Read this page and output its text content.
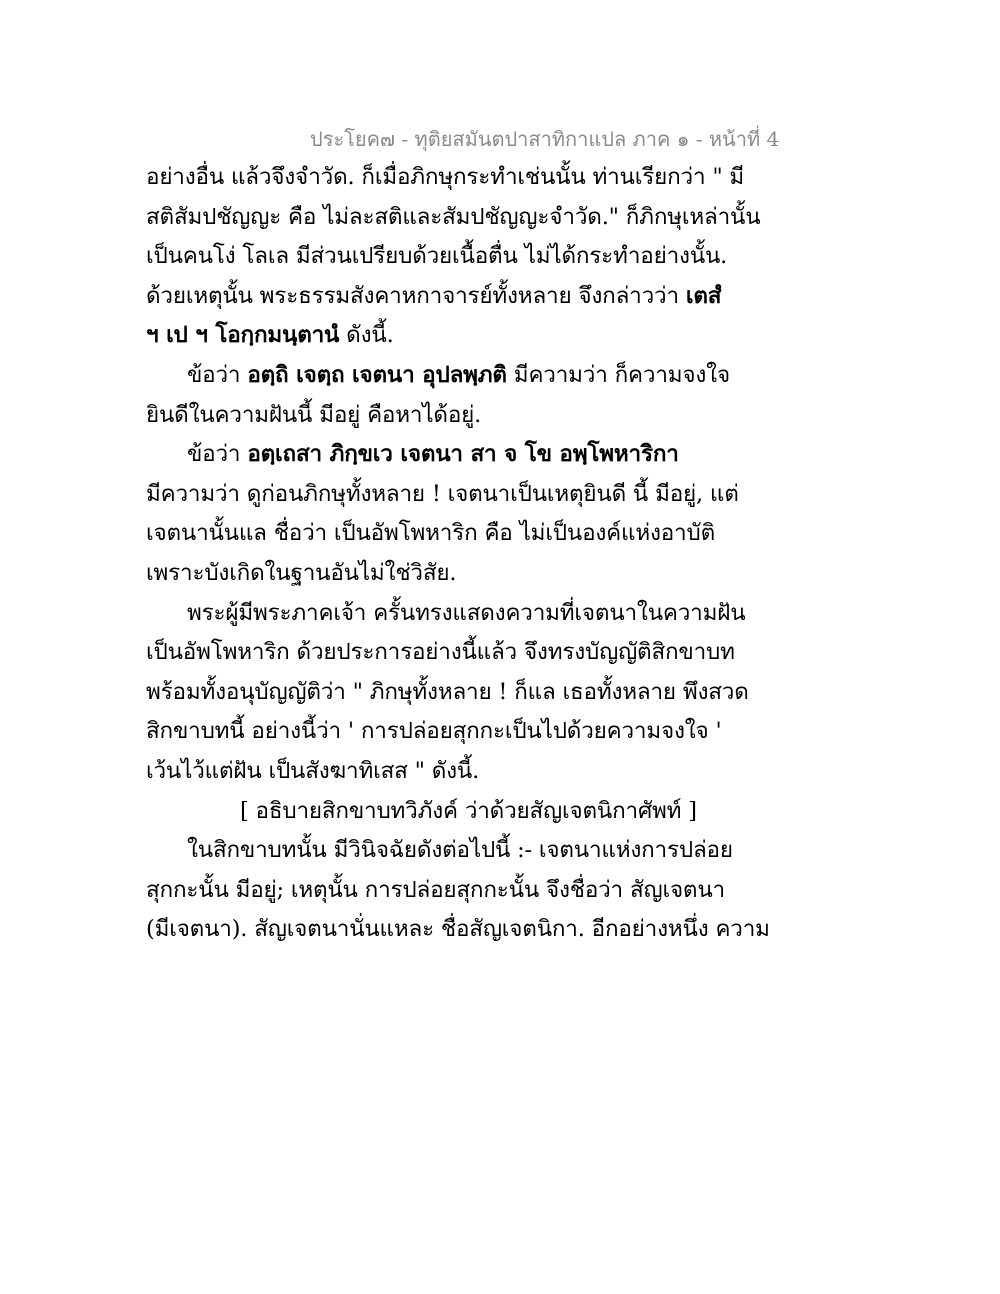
ประโยค๗ - ทุติยสมันตปาสาทิกาแปล ภาค ๑ - หน้าที่ 4
อย่างอื่น แล้วจึงจำวัด. ก็เมื่อภิกษุกระทำเช่นนั้น ท่านเรียกว่า " มี
สติสัมปชัญญะ คือ ไม่ละสติและสัมปชัญญะจำวัด." ก็ภิกษุเหล่านั้น
เป็นคนโง่ โลเล มีส่วนเปรียบด้วยเนื้อตื่น ไม่ได้กระทำอย่างนั้น.
ด้วยเหตุนั้น พระธรรมสังคาหกาจารย์ทั้งหลาย จึงกล่าวว่า เตสํ
ฯ เป ฯ โอกฺกมนฺตานํ ดังนี้.
ข้อว่า อตฺถิ เจตฺถ เจตนา อุปลพฺภติ มีความว่า ก็ความจงใจ
ยินดีในความฝันนี้ มีอยู่ คือหาได้อยู่.
ข้อว่า อตฺเถสา ภิกฺขเว เจตนา สา จ โข อพฺโพหาริกา
มีความว่า ดูก่อนภิกษุทั้งหลาย ! เจตนาเป็นเหตุยินดี นี้ มีอยู่, แต่
เจตนานั้นแล ชื่อว่า เป็นอัพโพหาริก คือ ไม่เป็นองค์แห่งอาบัติ
เพราะบังเกิดในฐานอันไม่ใช่วิสัย.
พระผู้มีพระภาคเจ้า ครั้นทรงแสดงความที่เจตนาในความฝัน
เป็นอัพโพหาริก ด้วยประการอย่างนี้แล้ว จึงทรงบัญญัติสิกขาบท
พร้อมทั้งอนุบัญญัติว่า " ภิกษุทั้งหลาย ! ก็แล เธอทั้งหลาย พึงสวด
สิกขาบทนี้ อย่างนี้ว่า ' การปล่อยสุกกะเป็นไปด้วยความจงใจ '
เว้นไว้แต่ฝัน เป็นสังฆาทิเสส " ดังนี้.
[ อธิบายสิกขาบทวิภังค์ ว่าด้วยสัญเจตนิกาศัพท์ ]
ในสิกขาบทนั้น มีวินิจฉัยดังต่อไปนี้ :- เจตนาแห่งการปล่อย
สุกกะนั้น มีอยู่; เหตุนั้น การปล่อยสุกกะนั้น จึงชื่อว่า สัญเจตนา
(มีเจตนา). สัญเจตนานั่นแหละ ชื่อสัญเจตนิกา. อีกอย่างหนึ่ง ความ
